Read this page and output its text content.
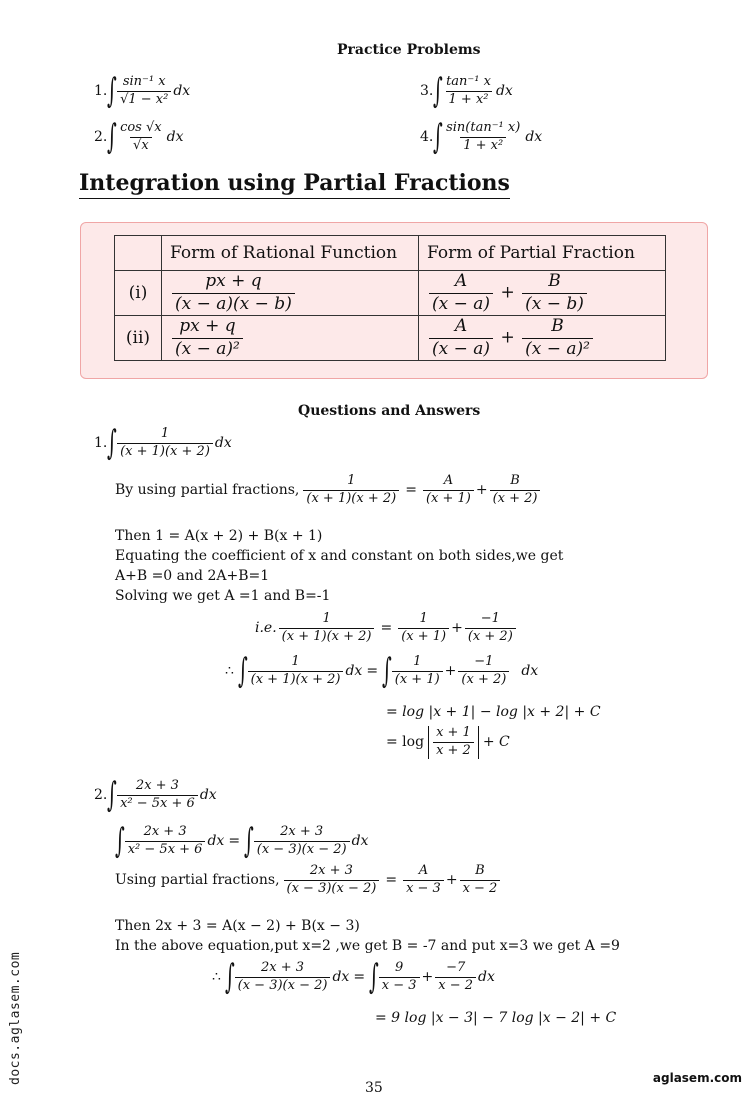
Practice Problems
1. ∫ $\frac{\text{sin⁻¹ x}}{\text{√1 − x²}}$ dx
2. ∫ $\frac{\cos √x}{√x}$ dx
3. ∫ $\frac{\text{tan⁻¹ x}}{\text{1 + x²}}$ dx
4. ∫ $\frac{\text{sin(tan⁻¹ x)}}{\text{1 + x²}}$ dx
Integration using Partial Fractions
	Form of Rational Function	Form of Partial Fraction
(i)	$\frac{px + q}{(x - a)(x - b)}$	$\frac{A}{(x - a)} + \frac{B}{(x - b)}$

(ii)	$\frac{px + q}{\text{(x − a)²}}$	$\frac{A}{(x - a)} + \frac{B}{\text{(x − a)²}}$
Questions and Answers
1. ∫ $\frac{1}{(x + 1)(x + 2)}$ dx
By using partial fractions, $\frac{1}{(x + 1)(x + 2)} = \frac{A}{(x + 1)} + \frac{B}{(x + 2)}$
Then 1 = A(x + 2) + B(x + 1)
Equating the coefficient of x and constant on both sides,we get
A+B =0 and 2A+B=1
Solving we get A =1 and B=-1
i.e. $\frac{1}{(x + 1)(x + 2)} = \frac{1}{(x + 1)} + \frac{-1}{(x + 2)}$
∴ ∫ $\frac{1}{(x + 1)(x + 2)}$ dx = ∫ $\frac{1}{(x + 1)} + \frac{-1}{(x + 2)}$ dx
= log |x + 1| − log |x + 2| + C
= $\log \frac{x + 1}{x + 2} + C$
2. ∫ $\frac{2x + 3}{\text{x² − 5x + 6}}$ dx
∫ $\frac{2x + 3}{\text{x² − 5x + 6}}$ dx = ∫ $\frac{2x + 3}{(x - 3)(x - 2)}$ dx
Using partial fractions, $\frac{2x + 3}{(x - 3)(x - 2)} = \frac{A}{x - 3} + \frac{B}{x - 2}$
Then 2x + 3 = A(x − 2) + B(x − 3)
In the above equation,put x=2 ,we get B = -7 and put x=3 we get A =9
∴ ∫ $\frac{2x + 3}{(x - 3)(x - 2)}$ dx = ∫ $\frac{9}{x - 3} + \frac{-7}{x - 2}$ dx
= 9 log |x − 3| − 7 log |x − 2| + C
35
docs.aglasem.com	aglasem.com
